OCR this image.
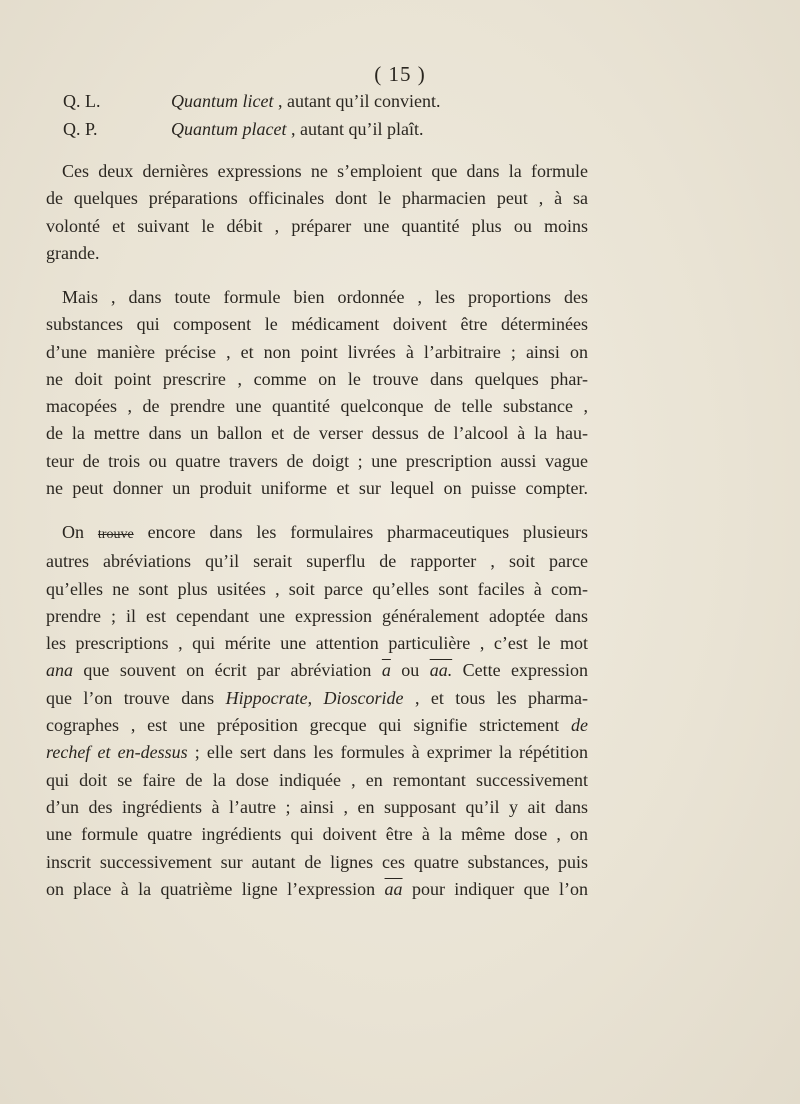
( 15 )
Q. L.	Quantum licet , autant qu’il convient.
Q. P.	Quantum placet , autant qu’il plaît.

Ces deux dernières expressions ne s’emploient que dans la formule
de quelques préparations officinales dont le pharmacien peut , à sa
volonté et suivant le débit , préparer une quantité plus ou moins
grande.

Mais , dans toute formule bien ordonnée , les proportions des
substances qui composent le médicament doivent être déterminées
d’une manière précise , et non point livrées à l’arbitraire ; ainsi on
ne doit point prescrire , comme on le trouve dans quelques phar-
macopées , de prendre une quantité quelconque de telle substance ,
de la mettre dans un ballon et de verser dessus de l’alcool à la hau-
teur de trois ou quatre travers de doigt ; une prescription aussi vague
ne peut donner un produit uniforme et sur lequel on puisse compter.

On trouve encore dans les formulaires pharmaceutiques plusieurs
autres abréviations qu’il serait superflu de rapporter , soit parce
qu’elles ne sont plus usitées , soit parce qu’elles sont faciles à com-
prendre ; il est cependant une expression généralement adoptée dans
les prescriptions , qui mérite une attention particulière , c’est le mot
ana que souvent on écrit par abréviation $\overline{a}$ ou aa. Cette expression
que l’on trouve dans Hippocrate, Dioscoride , et tous les pharma-
cographes , est une préposition grecque qui signifie strictement de
rechef et en-dessus ; elle sert dans les formules à exprimer la répétition
qui doit se faire de la dose indiquée , en remontant successivement
d’un des ingrédients à l’autre ; ainsi , en supposant qu’il y ait dans
une formule quatre ingrédients qui doivent être à la même dose , on
inscrit successivement sur autant de lignes ces quatre substances, puis
on place à la quatrième ligne l’expression $\overline{aa}$ pour indiquer que l’on
